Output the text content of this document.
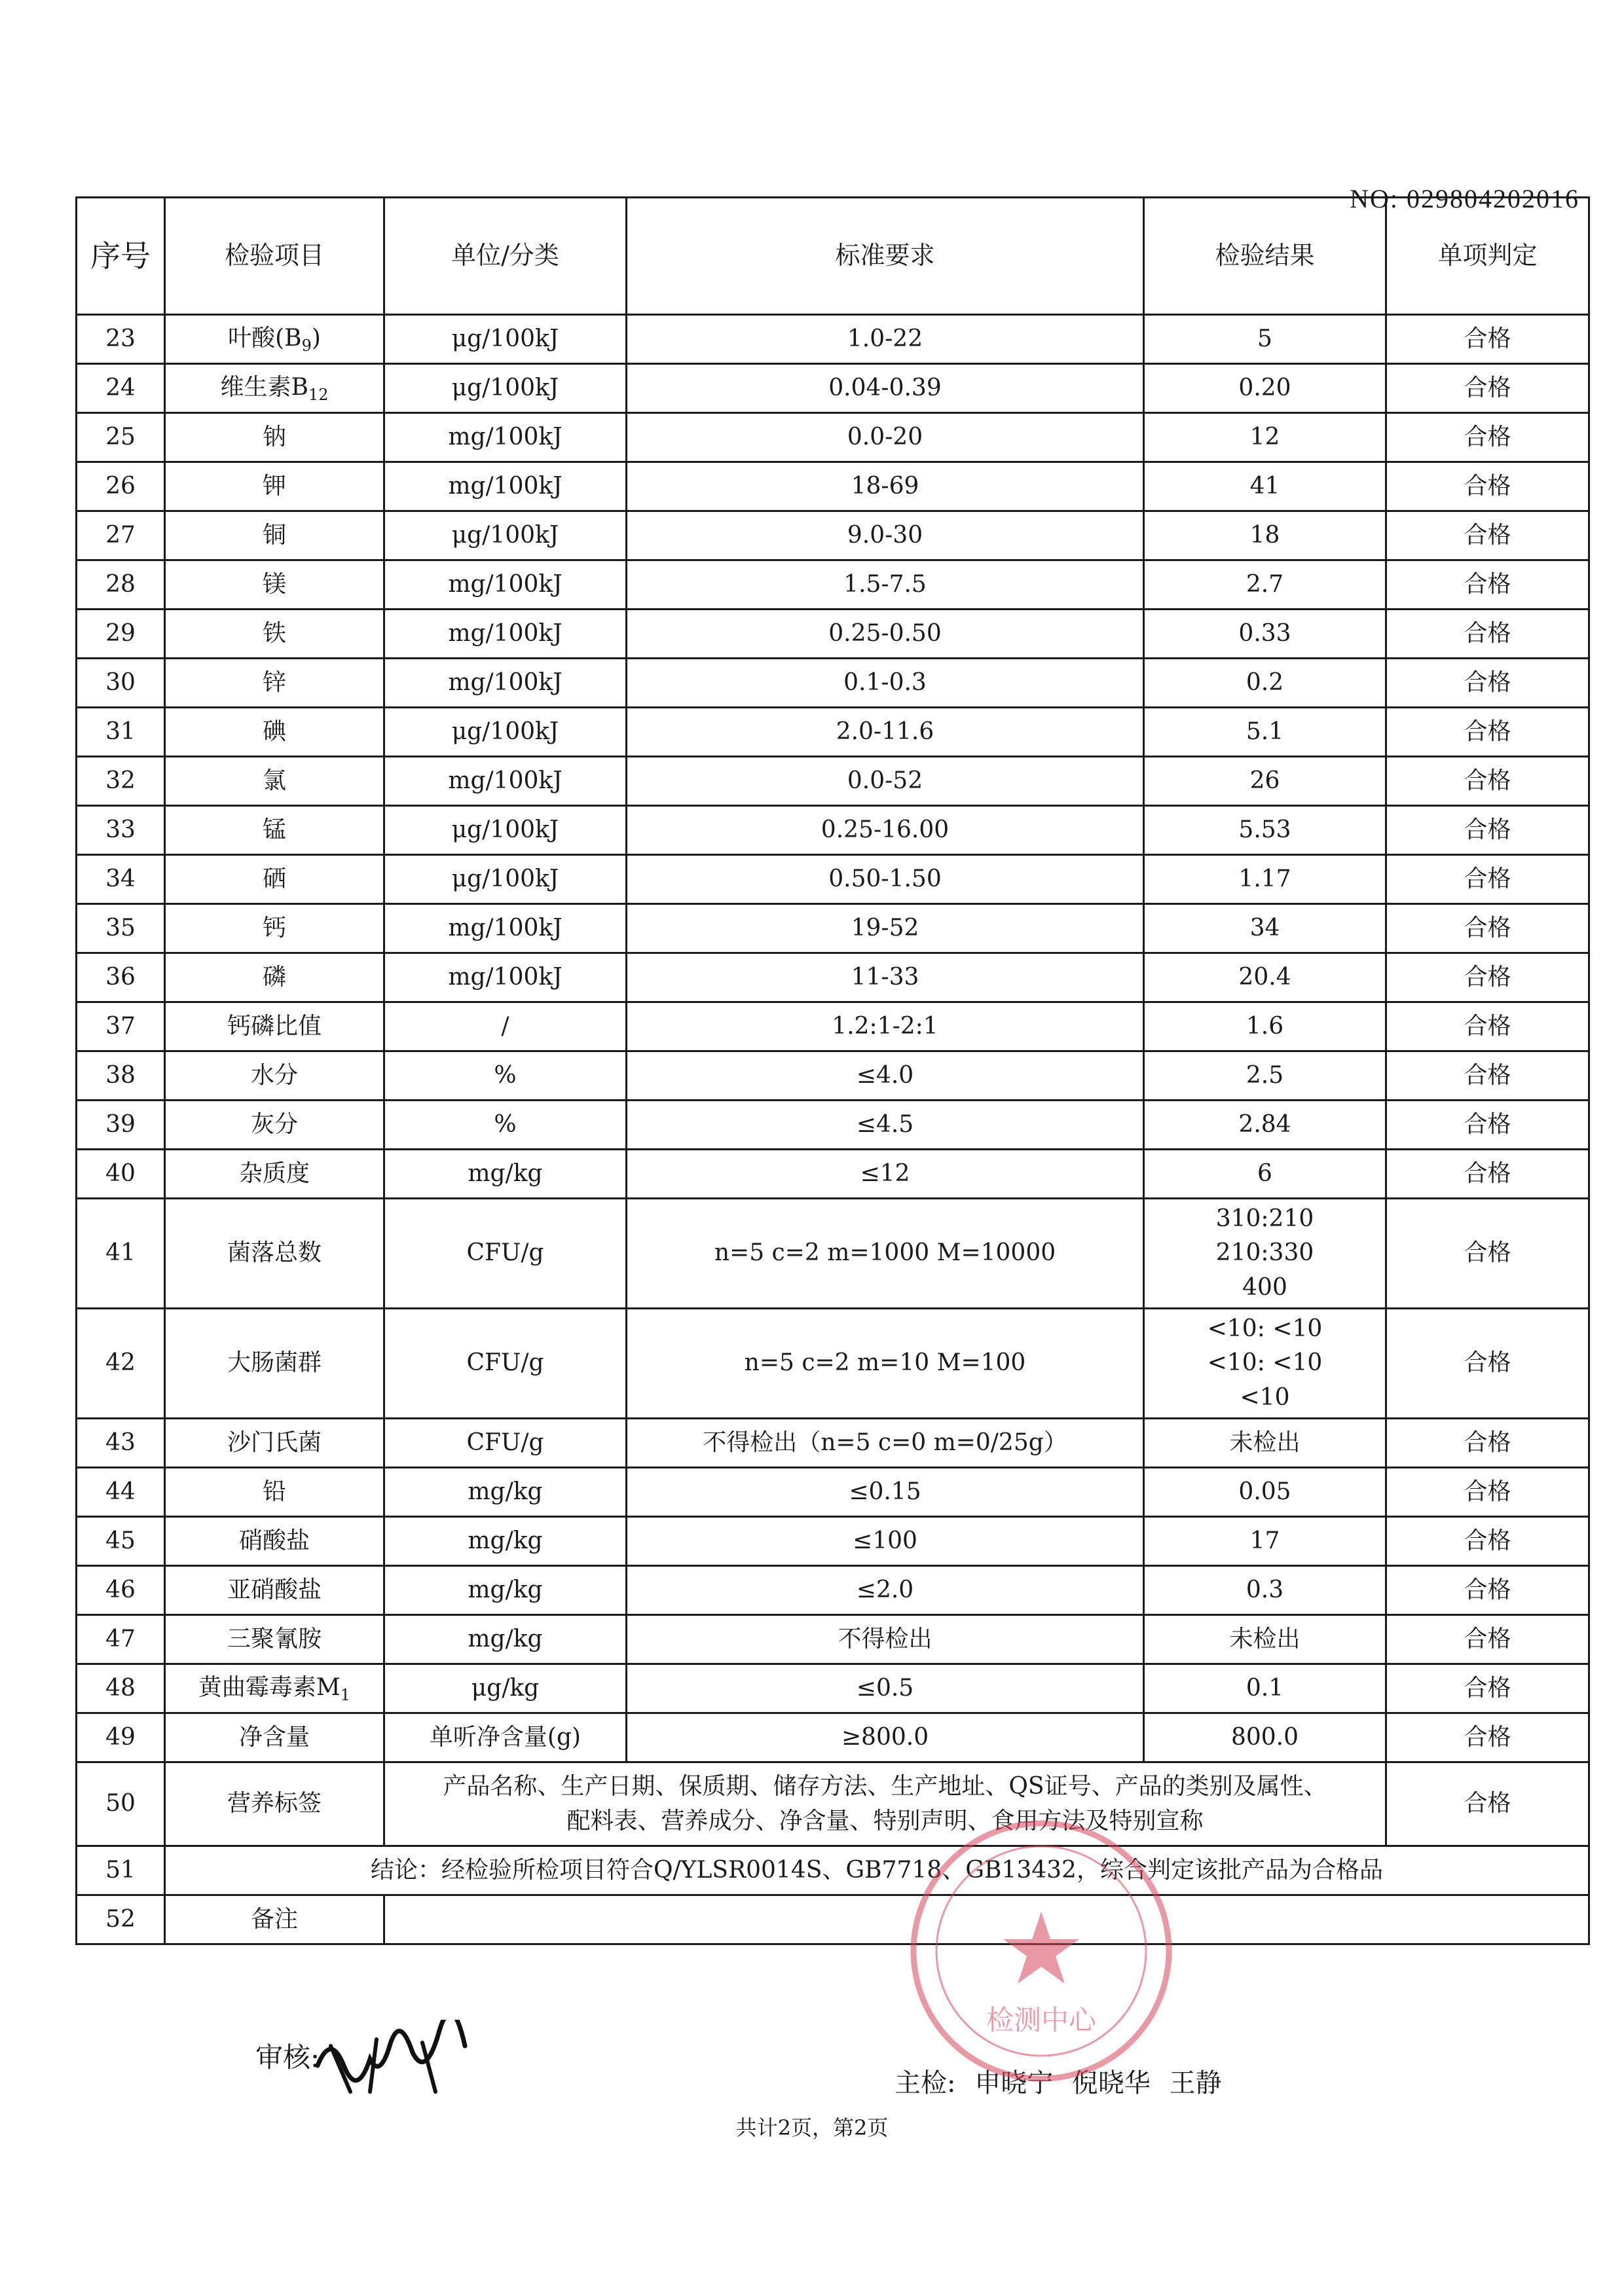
NO: 029804202016
序号	检验项目	单位/分类	标准要求	检验结果	单项判定
23	叶酸$(B_9)$	μg/100kJ	1.0-22	5	合格
24	维生素$B_{12}$	μg/100kJ	0.04-0.39	0.20	合格
25	钠	mg/100kJ	0.0-20	12	合格
26	钾	mg/100kJ	18-69	41	合格
27	铜	μg/100kJ	9.0-30	18	合格
28	镁	mg/100kJ	1.5-7.5	2.7	合格
29	铁	mg/100kJ	0.25-0.50	0.33	合格
30	锌	mg/100kJ	0.1-0.3	0.2	合格
31	碘	μg/100kJ	2.0-11.6	5.1	合格
32	氯	mg/100kJ	0.0-52	26	合格
33	锰	μg/100kJ	0.25-16.00	5.53	合格
34	硒	μg/100kJ	0.50-1.50	1.17	合格
35	钙	mg/100kJ	19-52	34	合格
36	磷	mg/100kJ	11-33	20.4	合格
37	钙磷比值	/	1.2:1-2:1	1.6	合格
38	水分	%	≤4.0	2.5	合格
39	灰分	%	≤4.5	2.84	合格
40	杂质度	mg/kg	≤12	6	合格
41	菌落总数	CFU/g	n=5 c=2 m=1000 M=10000	310:210
210:330
400	合格
42	大肠菌群	CFU/g	n=5 c=2 m=10 M=100	<10: <10
<10: <10
<10	合格
43	沙门氏菌	CFU/g	不得检出（n=5 c=0 m=0/25g）	未检出	合格
44	铅	mg/kg	≤0.15	0.05	合格
45	硝酸盐	mg/kg	≤100	17	合格
46	亚硝酸盐	mg/kg	≤2.0	0.3	合格
47	三聚氰胺	mg/kg	不得检出	未检出	合格
48	黄曲霉毒素$M_1$	μg/kg	≤0.5	0.1	合格
49	净含量	单听净含量(g)	≥800.0	800.0	合格
50	营养标签	产品名称、生产日期、保质期、储存方法、生产地址、QS证号、产品的类别及属性、
配料表、营养成分、净含量、特别声明、食用方法及特别宣称			合格
51	结论：经检验所检项目符合Q/YLSR0014S、GB7718、GB13432，综合判定该批产品为合格品				
52	备注				
审核:
主检: 申晓宁 倪晓华 王静
共计2页，第2页
检测中心
